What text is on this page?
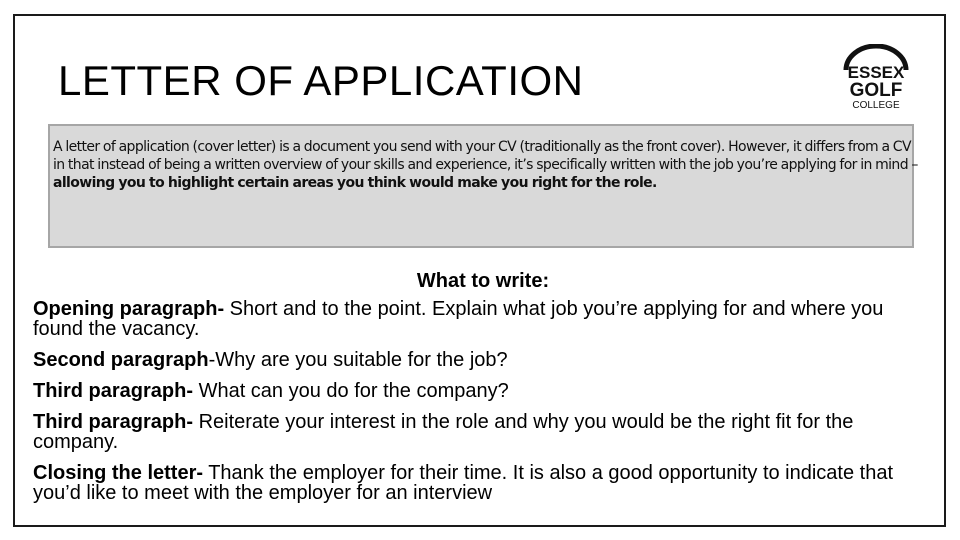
LETTER OF APPLICATION	ESSEX
GOLF
COLLEGE
A letter of application (cover letter) is a document you send with your CV (traditionally as the front cover). However, it differs from a CV in that instead of being a written overview of your skills and experience, it’s specifically written with the job you’re applying for in mind – allowing you to highlight certain areas you think would make you right for the role.
What to write:

Opening paragraph- Short and to the point. Explain what job you’re applying for and where you found the vacancy.

Second paragraph-Why are you suitable for the job?

Third paragraph- What can you do for the company?

Third paragraph- Reiterate your interest in the role and why you would be the right fit for the company.

Closing the letter- Thank the employer for their time. It is also a good opportunity to indicate that you’d like to meet with the employer for an interview
